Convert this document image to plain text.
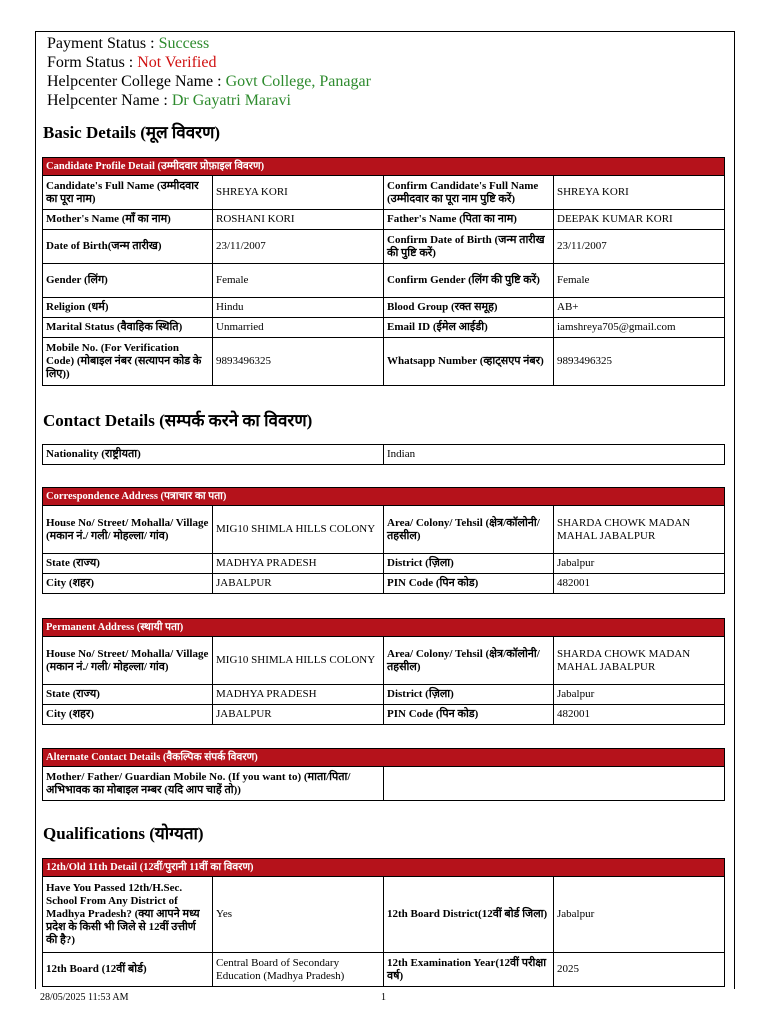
Payment Status : Success
Form Status : Not Verified
Helpcenter College Name : Govt College, Panagar
Helpcenter Name : Dr Gayatri Maravi
Basic Details (मूल विवरण)
Candidate Profile Detail (उम्मीदवार प्रोफ़ाइल विवरण)			
Candidate's Full Name (उम्मीदवार का पूरा नाम)	SHREYA KORI	Confirm Candidate's Full Name (उम्मीदवार का पूरा नाम पुष्टि करें)	SHREYA KORI
Mother's Name (माँ का नाम)	ROSHANI KORI	Father's Name (पिता का नाम)	DEEPAK KUMAR KORI
Date of Birth(जन्म तारीख)	23/11/2007	Confirm Date of Birth (जन्म तारीख की पुष्टि करें)	23/11/2007
Gender (लिंग)	Female	Confirm Gender (लिंग की पुष्टि करें)	Female
Religion (धर्म)	Hindu	Blood Group (रक्त समूह)	AB+
Marital Status (वैवाहिक स्थिति)	Unmarried	Email ID (ईमेल आईडी)	iamshreya705@gmail.com
Mobile No. (For Verification Code) (मोबाइल नंबर (सत्यापन कोड के लिए))	9893496325	Whatsapp Number (व्हाट्सएप नंबर)	9893496325
Contact Details (सम्पर्क करने का विवरण)
Nationality (राष्ट्रीयता)	Indian
Correspondence Address (पत्राचार का पता)			
House No/ Street/ Mohalla/ Village (मकान नं./ गली/ मोहल्ला/ गांव)	MIG10 SHIMLA HILLS COLONY	Area/ Colony/ Tehsil (क्षेत्र/कॉलोनी/तहसील)	SHARDA CHOWK MADAN MAHAL JABALPUR
State (राज्य)	MADHYA PRADESH	District (ज़िला)	Jabalpur
City (शहर)	JABALPUR	PIN Code (पिन कोड)	482001
Permanent Address (स्थायी पता)			
House No/ Street/ Mohalla/ Village (मकान नं./ गली/ मोहल्ला/ गांव)	MIG10 SHIMLA HILLS COLONY	Area/ Colony/ Tehsil (क्षेत्र/कॉलोनी/तहसील)	SHARDA CHOWK MADAN MAHAL JABALPUR
State (राज्य)	MADHYA PRADESH	District (ज़िला)	Jabalpur
City (शहर)	JABALPUR	PIN Code (पिन कोड)	482001
Alternate Contact Details (वैकल्पिक संपर्क विवरण)
Mother/ Father/ Guardian Mobile No. (If you want to) (माता/पिता/अभिभावक का मोबाइल नम्बर (यदि आप चाहें तो))	
Qualifications (योग्यता)
12th/Old 11th Detail (12वीं/पुरानी 11वीं का विवरण)			
Have You Passed 12th/H.Sec. School From Any District of Madhya Pradesh? (क्या आपने मध्य प्रदेश के किसी भी जिले से 12वीं उत्तीर्ण की है?)	Yes	12th Board District(12वीं बोर्ड जिला)	Jabalpur
12th Board (12वीं बोर्ड)	Central Board of Secondary Education (Madhya Pradesh)	12th Examination Year(12वीं परीक्षा वर्ष)	2025
28/05/2025 11:53 AM	1
